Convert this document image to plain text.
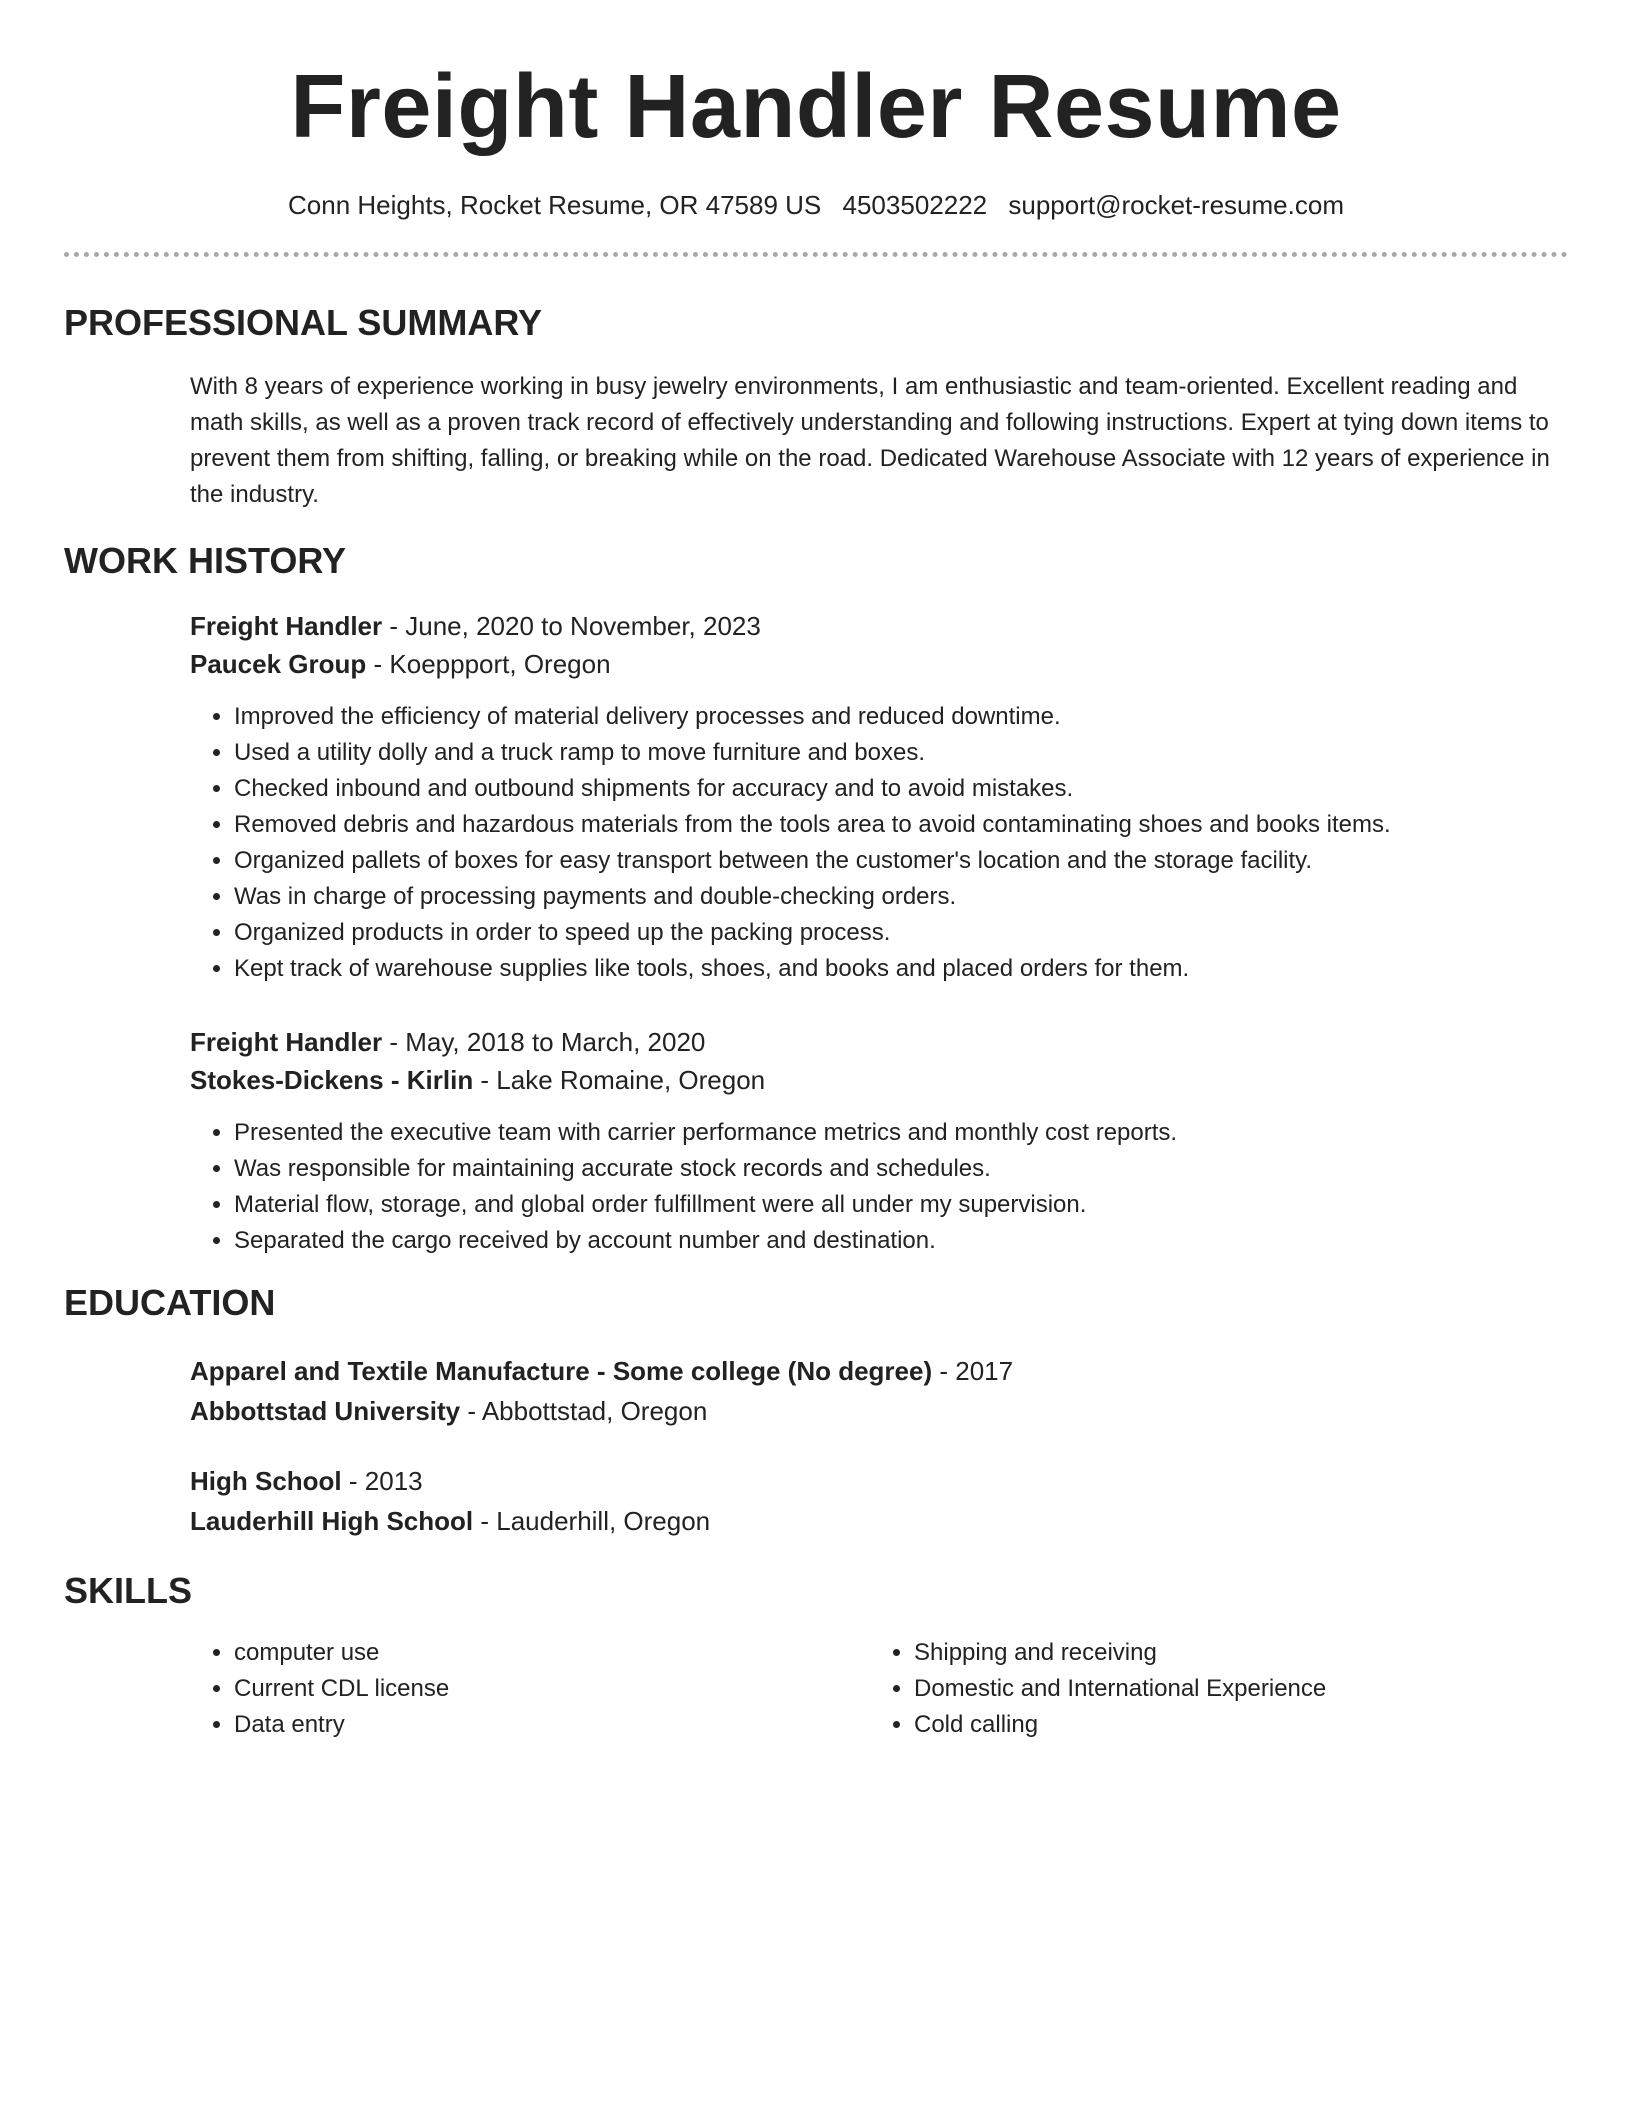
Freight Handler Resume
Conn Heights, Rocket Resume, OR 47589 US 4503502222 support@rocket-resume.com
PROFESSIONAL SUMMARY

With 8 years of experience working in busy jewelry environments, I am enthusiastic and team-oriented. Excellent reading and math skills, as well as a proven track record of effectively understanding and following instructions. Expert at tying down items to prevent them from shifting, falling, or breaking while on the road. Dedicated Warehouse Associate with 12 years of experience in the industry.

WORK HISTORY
Freight Handler - June, 2020 to November, 2023
Paucek Group - Koeppport, Oregon
• Improved the efficiency of material delivery processes and reduced downtime.
• Used a utility dolly and a truck ramp to move furniture and boxes.
• Checked inbound and outbound shipments for accuracy and to avoid mistakes.
• Removed debris and hazardous materials from the tools area to avoid contaminating shoes and books items.
• Organized pallets of boxes for easy transport between the customer's location and the storage facility.
• Was in charge of processing payments and double-checking orders.
• Organized products in order to speed up the packing process.
• Kept track of warehouse supplies like tools, shoes, and books and placed orders for them.
Freight Handler - May, 2018 to March, 2020
Stokes-Dickens - Kirlin - Lake Romaine, Oregon
• Presented the executive team with carrier performance metrics and monthly cost reports.
• Was responsible for maintaining accurate stock records and schedules.
• Material flow, storage, and global order fulfillment were all under my supervision.
• Separated the cargo received by account number and destination.
EDUCATION
Apparel and Textile Manufacture - Some college (No degree) - 2017
Abbottstad University - Abbottstad, Oregon
High School - 2013
Lauderhill High School - Lauderhill, Oregon
SKILLS
• computer use
• Current CDL license
• Data entry
• Shipping and receiving
• Domestic and International Experience
• Cold calling
